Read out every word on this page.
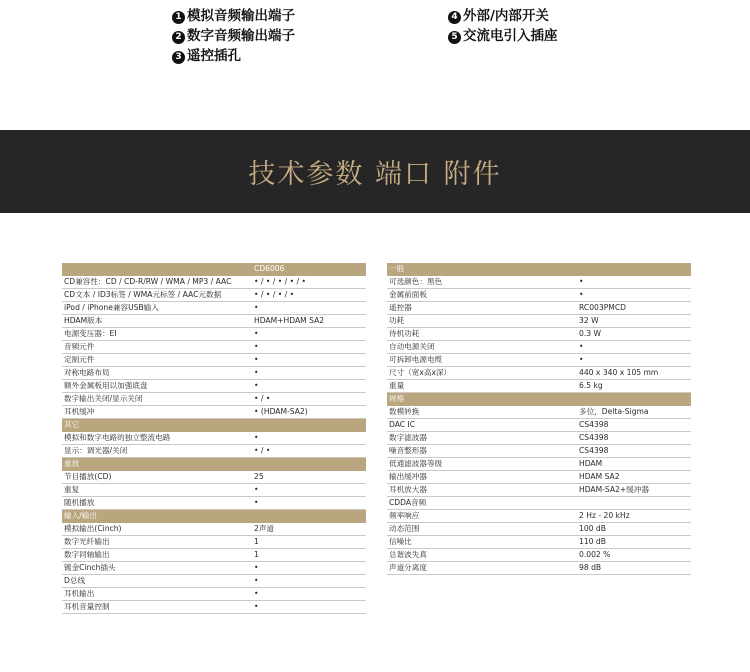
1 模拟音频输出端子
2 数字音频输出端子
3 遥控插孔
4 外部/内部开关
5 交流电引入插座
技术参数 端口 附件
	CD6006
CD兼容性：CD / CD-R/RW / WMA / MP3 / AAC	• / • / • / • / •
CD文本 / ID3标签 / WMA元标签 / AAC元数据	• / • / • / •
iPod / iPhone兼容USB输入	•
HDAM版本	HDAM+HDAM SA2
电源变压器：EI	•
音频元件	•
定制元件	•
对称电路布局	•
额外金属板用以加强底盘	•
数字输出关闭/显示关闭	• / •
耳机缓冲	• (HDAM-SA2)
其它	
模拟和数字电路的独立整流电路	•
显示：调光器/关闭	• / •
重放	
节目播放(CD)	25
重复	•
随机播放	•
输入/输出	
模拟输出(Cinch)	2声道
数字光纤输出	1
数字同轴输出	1
镀金Cinch插头	•
D总线	•
耳机输出	•
耳机音量控制	•
一般	
可选颜色：黑色	•
金属前面板	•
遥控器	RC003PMCD
功耗	32 W
待机功耗	0.3 W
自动电源关闭	•
可拆卸电源电缆	•
尺寸（宽x高x深）	440 x 340 x 105 mm
重量	6.5 kg
规格	
数模转换	多位，Delta-Sigma
DAC IC	CS4398
数字滤波器	CS4398
噪音整形器	CS4398
低通滤波器等级	HDAM
输出缓冲器	HDAM SA2
耳机放大器	HDAM-SA2+缓冲器
CDDA音频	
频率响应	2 Hz - 20 kHz
动态范围	100 dB
信噪比	110 dB
总谐波失真	0.002 %
声道分离度	98 dB
